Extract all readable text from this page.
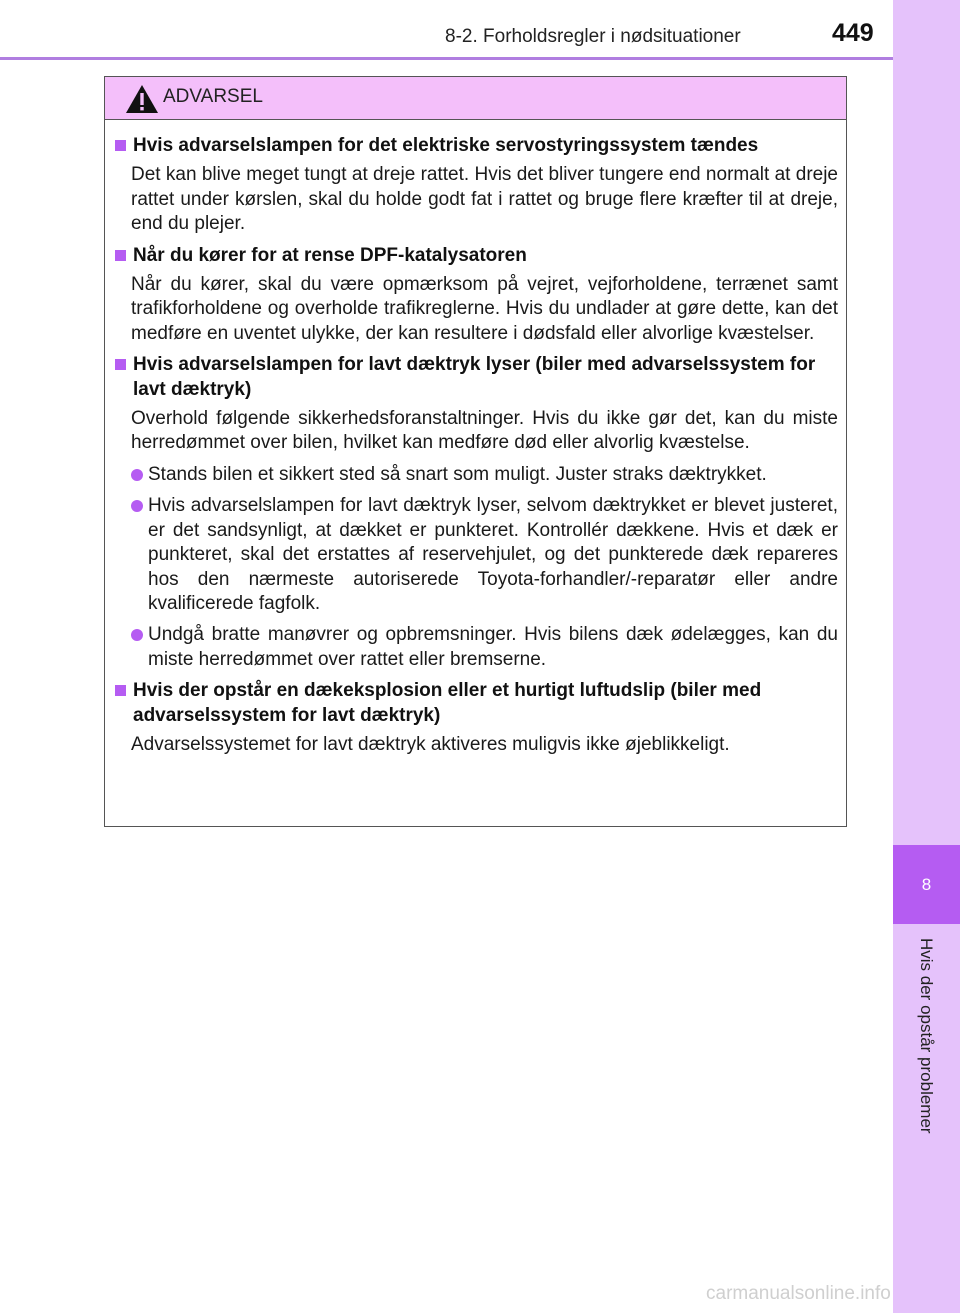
8-2. Forholdsregler i nødsituationer	449
8
Hvis der opstår problemer
ADVARSEL
Hvis advarselslampen for det elektriske servostyringssystem tændes
Det kan blive meget tungt at dreje rattet. Hvis det bliver tungere end normalt at dreje rattet under kørslen, skal du holde godt fat i rattet og bruge flere kræfter til at dreje, end du plejer.
Når du kører for at rense DPF-katalysatoren
Når du kører, skal du være opmærksom på vejret, vejforholdene, terrænet samt trafikforholdene og overholde trafikreglerne. Hvis du undlader at gøre dette, kan det medføre en uventet ulykke, der kan resultere i dødsfald eller alvorlige kvæstelser.
Hvis advarselslampen for lavt dæktryk lyser (biler med advarselssystem for lavt dæktryk)
Overhold følgende sikkerhedsforanstaltninger. Hvis du ikke gør det, kan du miste herredømmet over bilen, hvilket kan medføre død eller alvorlig kvæstelse.
Stands bilen et sikkert sted så snart som muligt. Juster straks dæktrykket.
Hvis advarselslampen for lavt dæktryk lyser, selvom dæktrykket er blevet justeret, er det sandsynligt, at dækket er punkteret. Kontrollér dækkene. Hvis et dæk er punkteret, skal det erstattes af reservehjulet, og det punkterede dæk repareres hos den nærmeste autoriserede Toyota-forhandler/-reparatør eller andre kvalificerede fagfolk.
Undgå bratte manøvrer og opbremsninger. Hvis bilens dæk ødelægges, kan du miste herredømmet over rattet eller bremserne.
Hvis der opstår en dækeksplosion eller et hurtigt luftudslip (biler med advarselssystem for lavt dæktryk)
Advarselssystemet for lavt dæktryk aktiveres muligvis ikke øjeblikkeligt.
carmanualsonline.info
